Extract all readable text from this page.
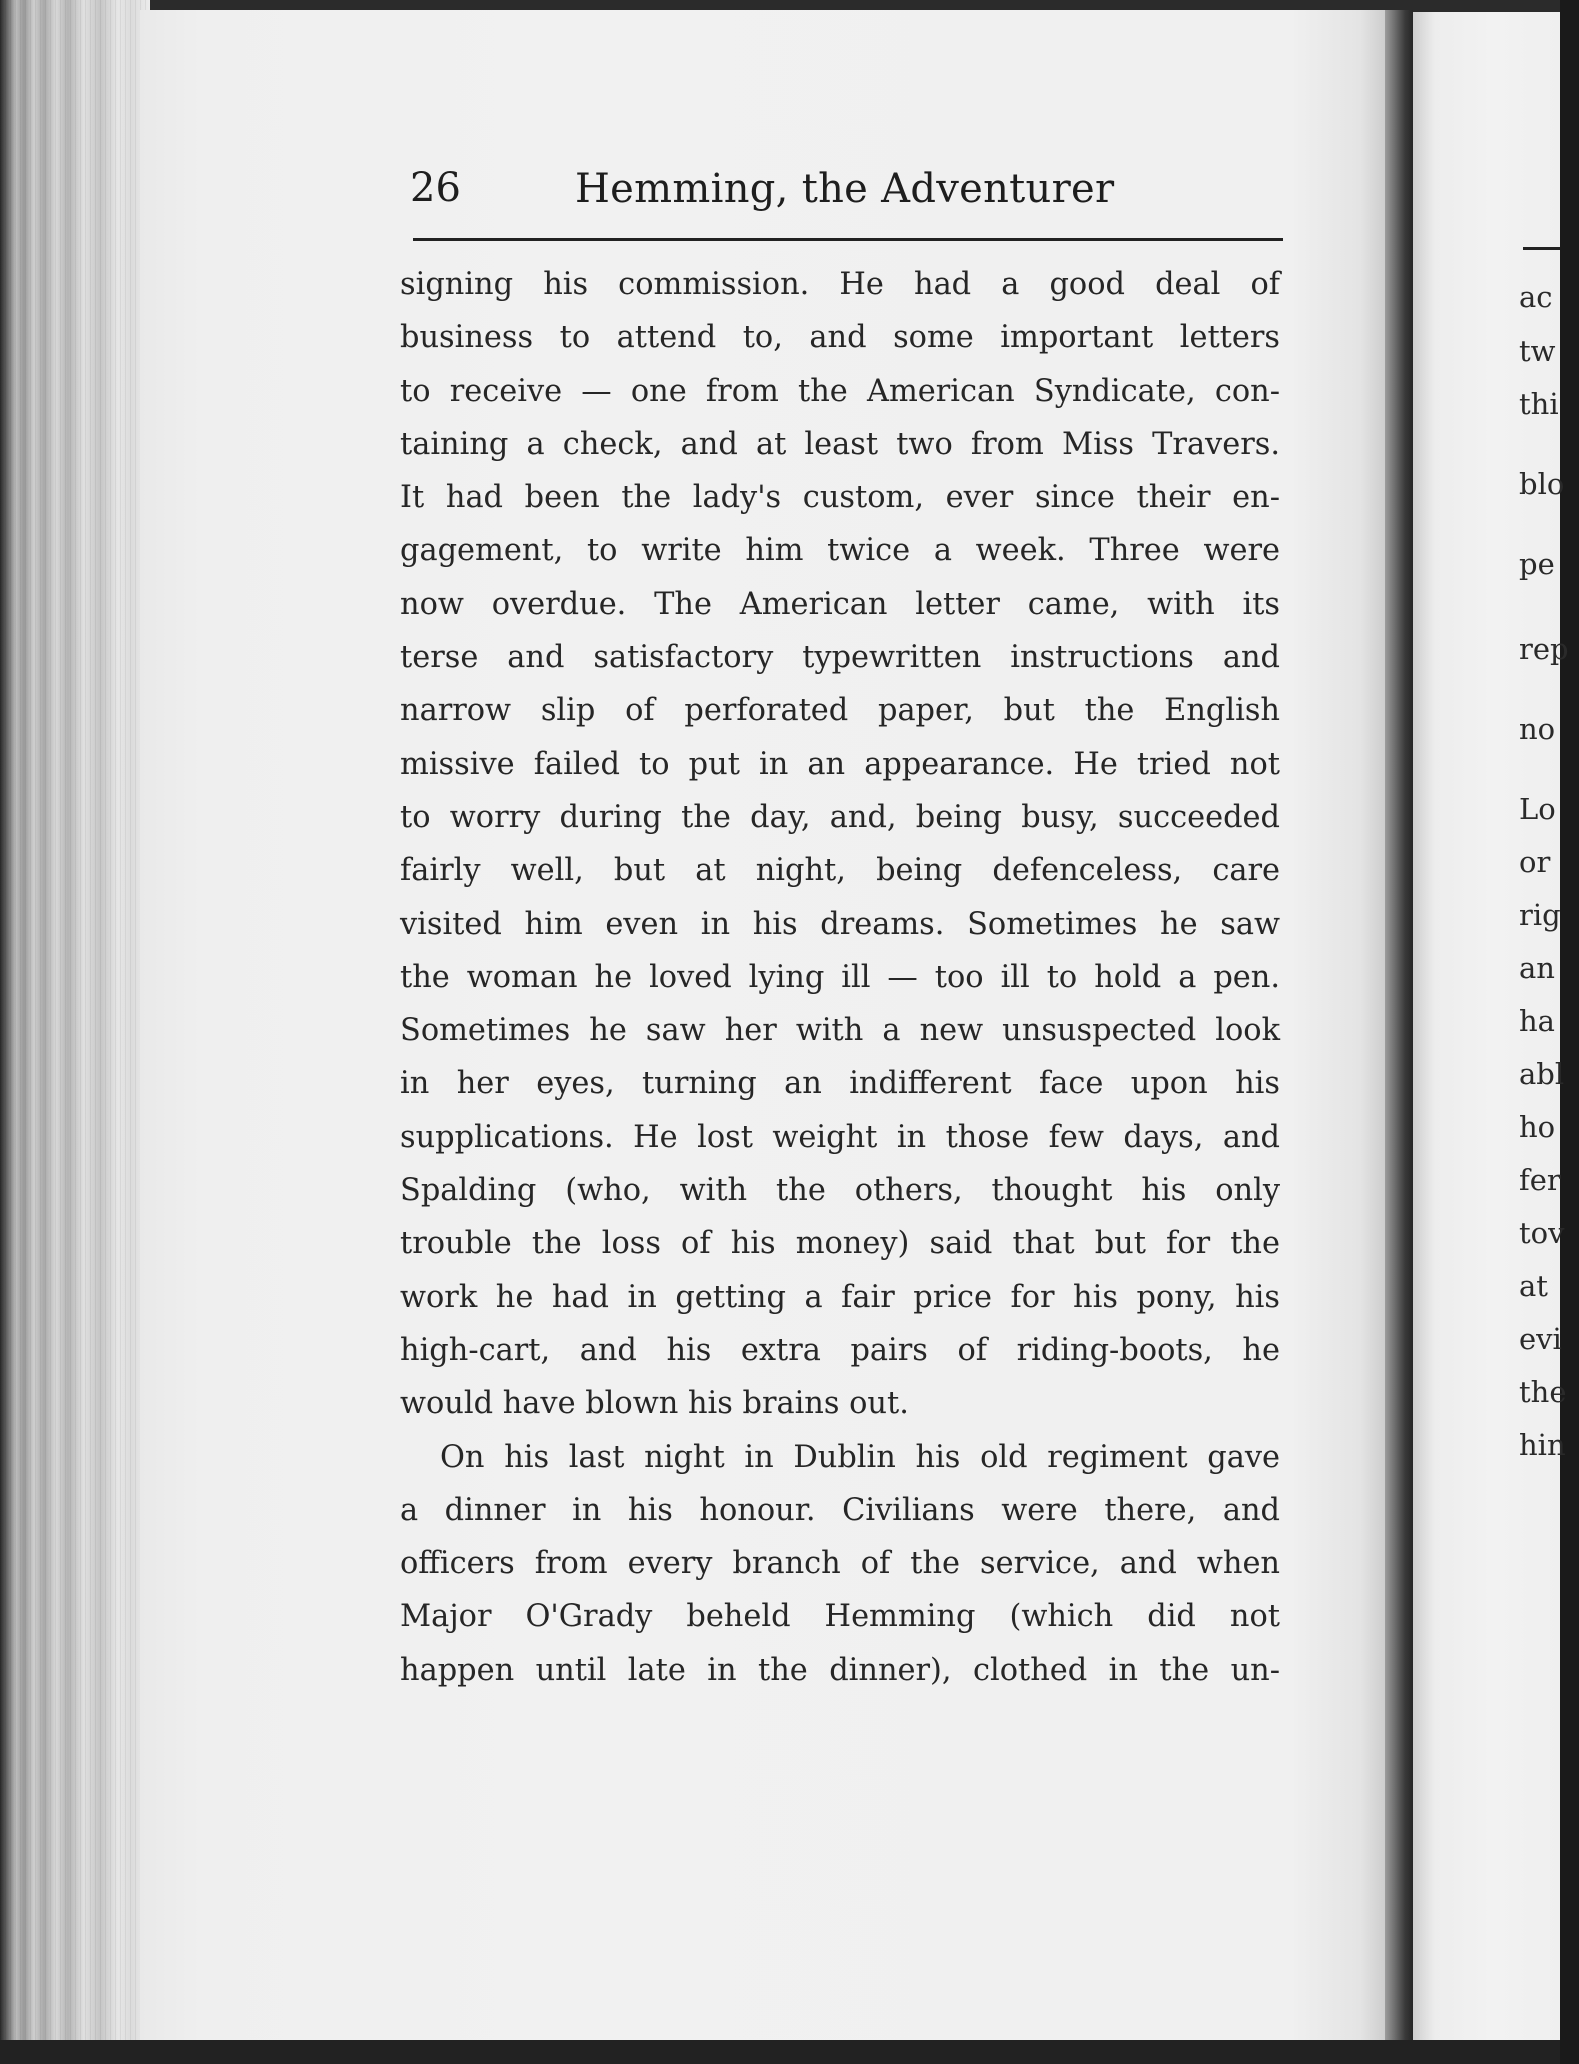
ac
tw
thi
blo
pe
rep
no
Lo
or
rig
an
ha
abl
ho
fer
tov
at
evi
the
hin
26	Hemming, the Adventurer
signing his commission. He had a good deal of
business to attend to, and some important letters
to receive — one from the American Syndicate, con-
taining a check, and at least two from Miss Travers.
It had been the lady's custom, ever since their en-
gagement, to write him twice a week. Three were
now overdue. The American letter came, with its
terse and satisfactory typewritten instructions and
narrow slip of perforated paper, but the English
missive failed to put in an appearance. He tried not
to worry during the day, and, being busy, succeeded
fairly well, but at night, being defenceless, care
visited him even in his dreams. Sometimes he saw
the woman he loved lying ill — too ill to hold a pen.
Sometimes he saw her with a new unsuspected look
in her eyes, turning an indifferent face upon his
supplications. He lost weight in those few days, and
Spalding (who, with the others, thought his only
trouble the loss of his money) said that but for the
work he had in getting a fair price for his pony, his
high-cart, and his extra pairs of riding-boots, he
would have blown his brains out.
On his last night in Dublin his old regiment gave
a dinner in his honour. Civilians were there, and
officers from every branch of the service, and when
Major O'Grady beheld Hemming (which did not
happen until late in the dinner), clothed in the un-
